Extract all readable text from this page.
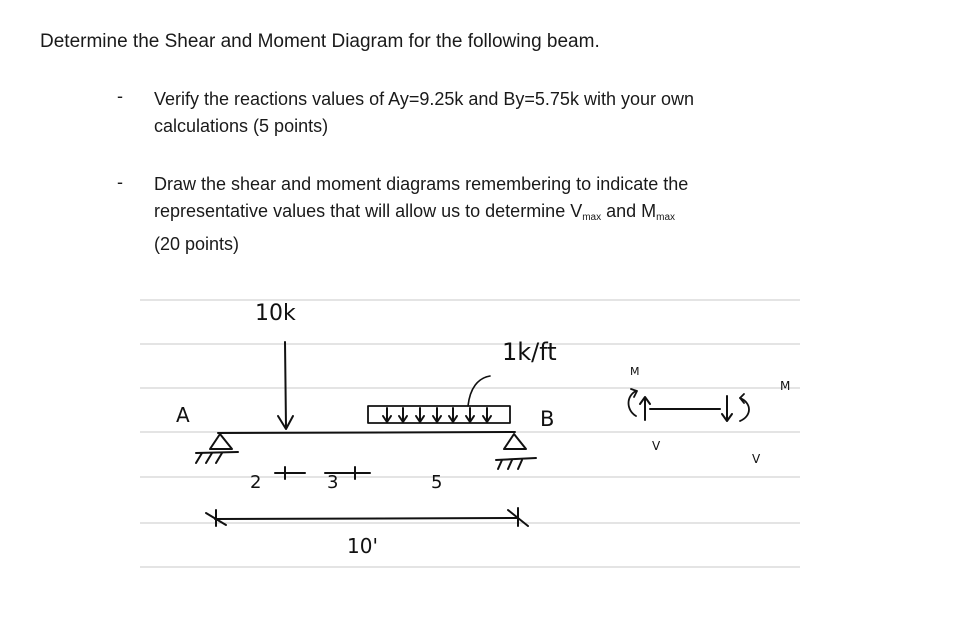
Determine the Shear and Moment Diagram for the following beam.
- Verify the reactions values of Ay=9.25k and By=5.75k with your own
calculations (5 points)
- Draw the shear and moment diagrams remembering to indicate the
representative values that will allow us to determine $V_{max}$ and $M_{max}$
(20 points)
10k
1k/ft
A	B
2	3	5
10'
M
M
V
V
